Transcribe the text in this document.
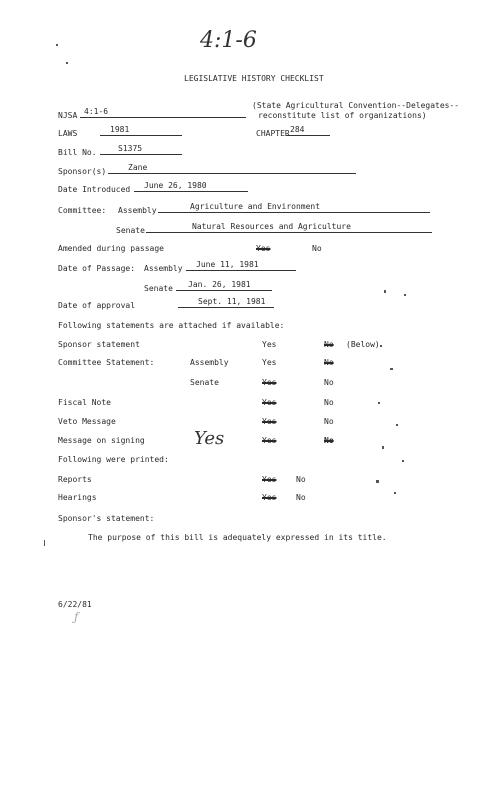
4:1-6
LEGISLATIVE HISTORY CHECKLIST
NJSA 4:1-6
(State Agricultural Convention--Delegates--
reconstitute list of organizations)
LAWS	1981	CHAPTER 284
Bill No.	S1375
Sponsor(s)	Zane
Date Introduced June 26, 1980
Committee: Assembly	Agriculture and Environment
Senate	Natural Resources and Agriculture
Amended during passage	Yes	No
Date of Passage: Assembly June 11, 1981
Senate Jan. 26, 1981
Date of approval	Sept. 11, 1981
Following statements are attached if available:
Sponsor statement	Yes	No (Below)
Committee Statement:	Assembly	Yes	No
Senate	Yes	No
Fiscal Note	Yes	No
Veto Message	Yes	No
Message on signing	Yes	Yes	No
Following were printed:
Reports	Yes No
Hearings	Yes No
Sponsor's statement:
The purpose of this bill is adequately expressed in its title.
6/22/81
ƒ
